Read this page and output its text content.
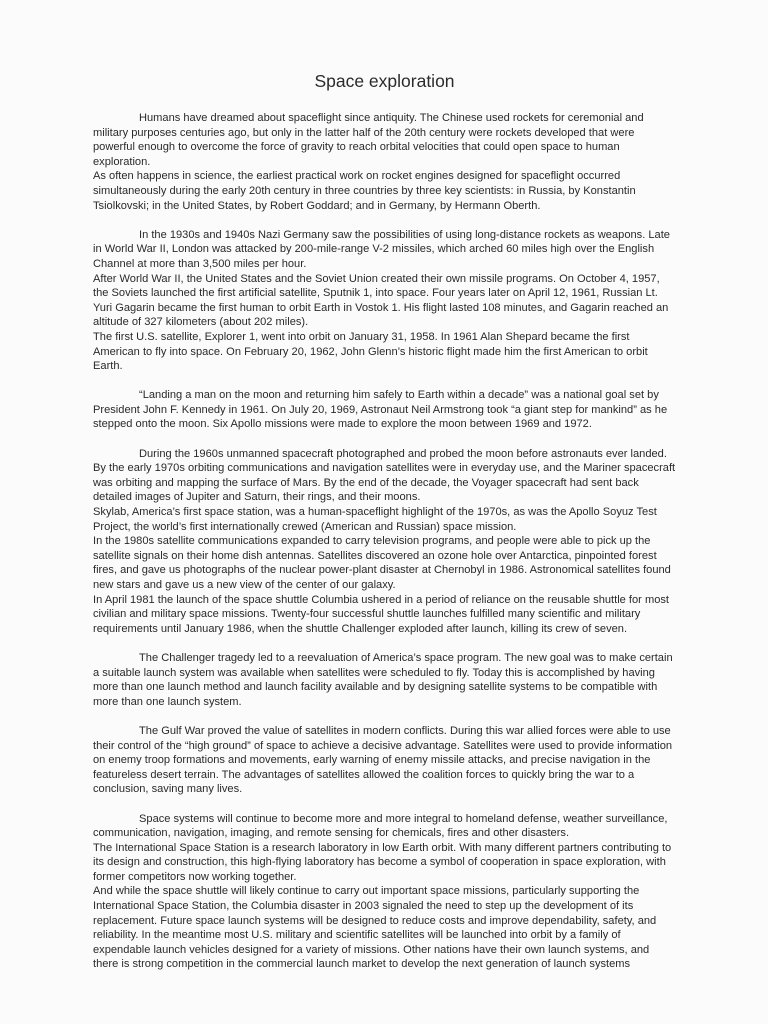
Space exploration

Humans have dreamed about spaceflight since antiquity. The Chinese used rockets for ceremonial and military purposes centuries ago, but only in the latter half of the 20th century were rockets developed that were powerful enough to overcome the force of gravity to reach orbital velocities that could open space to human exploration.

As often happens in science, the earliest practical work on rocket engines designed for spaceflight occurred simultaneously during the early 20th century in three countries by three key scientists: in Russia, by Konstantin Tsiolkovski; in the United States, by Robert Goddard; and in Germany, by Hermann Oberth.

In the 1930s and 1940s Nazi Germany saw the possibilities of using long-distance rockets as weapons. Late in World War II, London was attacked by 200-mile-range V-2 missiles, which arched 60 miles high over the English Channel at more than 3,500 miles per hour.

After World War II, the United States and the Soviet Union created their own missile programs. On October 4, 1957, the Soviets launched the first artificial satellite, Sputnik 1, into space. Four years later on April 12, 1961, Russian Lt. Yuri Gagarin became the first human to orbit Earth in Vostok 1. His flight lasted 108 minutes, and Gagarin reached an altitude of 327 kilometers (about 202 miles).

The first U.S. satellite, Explorer 1, went into orbit on January 31, 1958. In 1961 Alan Shepard became the first American to fly into space. On February 20, 1962, John Glenn’s historic flight made him the first American to orbit Earth.

“Landing a man on the moon and returning him safely to Earth within a decade” was a national goal set by President John F. Kennedy in 1961. On July 20, 1969, Astronaut Neil Armstrong took “a giant step for mankind” as he stepped onto the moon. Six Apollo missions were made to explore the moon between 1969 and 1972.

During the 1960s unmanned spacecraft photographed and probed the moon before astronauts ever landed. By the early 1970s orbiting communications and navigation satellites were in everyday use, and the Mariner spacecraft was orbiting and mapping the surface of Mars. By the end of the decade, the Voyager spacecraft had sent back detailed images of Jupiter and Saturn, their rings, and their moons.

Skylab, America’s first space station, was a human-spaceflight highlight of the 1970s, as was the Apollo Soyuz Test Project, the world’s first internationally crewed (American and Russian) space mission.

In the 1980s satellite communications expanded to carry television programs, and people were able to pick up the satellite signals on their home dish antennas. Satellites discovered an ozone hole over Antarctica, pinpointed forest fires, and gave us photographs of the nuclear power-plant disaster at Chernobyl in 1986. Astronomical satellites found new stars and gave us a new view of the center of our galaxy.

In April 1981 the launch of the space shuttle Columbia ushered in a period of reliance on the reusable shuttle for most civilian and military space missions. Twenty-four successful shuttle launches fulfilled many scientific and military requirements until January 1986, when the shuttle Challenger exploded after launch, killing its crew of seven.

The Challenger tragedy led to a reevaluation of America’s space program. The new goal was to make certain a suitable launch system was available when satellites were scheduled to fly. Today this is accomplished by having more than one launch method and launch facility available and by designing satellite systems to be compatible with more than one launch system.

The Gulf War proved the value of satellites in modern conflicts. During this war allied forces were able to use their control of the “high ground” of space to achieve a decisive advantage. Satellites were used to provide information on enemy troop formations and movements, early warning of enemy missile attacks, and precise navigation in the featureless desert terrain. The advantages of satellites allowed the coalition forces to quickly bring the war to a conclusion, saving many lives.

Space systems will continue to become more and more integral to homeland defense, weather surveillance, communication, navigation, imaging, and remote sensing for chemicals, fires and other disasters.

The International Space Station is a research laboratory in low Earth orbit. With many different partners contributing to its design and construction, this high-flying laboratory has become a symbol of cooperation in space exploration, with former competitors now working together.

And while the space shuttle will likely continue to carry out important space missions, particularly supporting the International Space Station, the Columbia disaster in 2003 signaled the need to step up the development of its replacement. Future space launch systems will be designed to reduce costs and improve dependability, safety, and reliability. In the meantime most U.S. military and scientific satellites will be launched into orbit by a family of expendable launch vehicles designed for a variety of missions. Other nations have their own launch systems, and there is strong competition in the commercial launch market to develop the next generation of launch systems
